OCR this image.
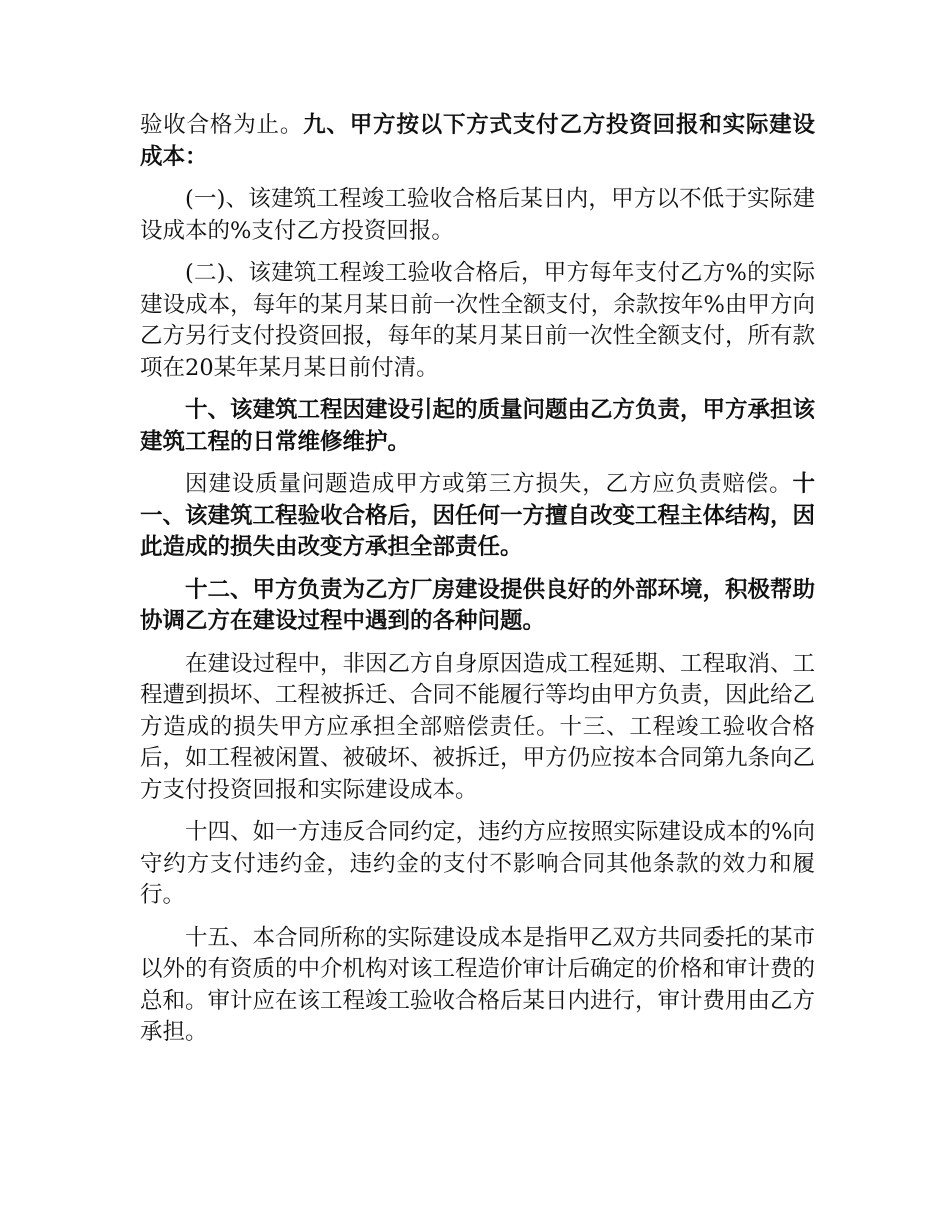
验收合格为止。九、甲方按以下方式支付乙方投资回报和实际建设成本：

(一)、该建筑工程竣工验收合格后某日内，甲方以不低于实际建设成本的%支付乙方投资回报。

(二)、该建筑工程竣工验收合格后，甲方每年支付乙方%的实际建设成本，每年的某月某日前一次性全额支付，余款按年%由甲方向乙方另行支付投资回报，每年的某月某日前一次性全额支付，所有款项在20某年某月某日前付清。

十、该建筑工程因建设引起的质量问题由乙方负责，甲方承担该建筑工程的日常维修维护。

因建设质量问题造成甲方或第三方损失，乙方应负责赔偿。十一、该建筑工程验收合格后，因任何一方擅自改变工程主体结构，因此造成的损失由改变方承担全部责任。

十二、甲方负责为乙方厂房建设提供良好的外部环境，积极帮助协调乙方在建设过程中遇到的各种问题。

在建设过程中，非因乙方自身原因造成工程延期、工程取消、工程遭到损坏、工程被拆迁、合同不能履行等均由甲方负责，因此给乙方造成的损失甲方应承担全部赔偿责任。十三、工程竣工验收合格后，如工程被闲置、被破坏、被拆迁，甲方仍应按本合同第九条向乙方支付投资回报和实际建设成本。

十四、如一方违反合同约定，违约方应按照实际建设成本的%向守约方支付违约金，违约金的支付不影响合同其他条款的效力和履行。

十五、本合同所称的实际建设成本是指甲乙双方共同委托的某市以外的有资质的中介机构对该工程造价审计后确定的价格和审计费的总和。审计应在该工程竣工验收合格后某日内进行，审计费用由乙方承担。
